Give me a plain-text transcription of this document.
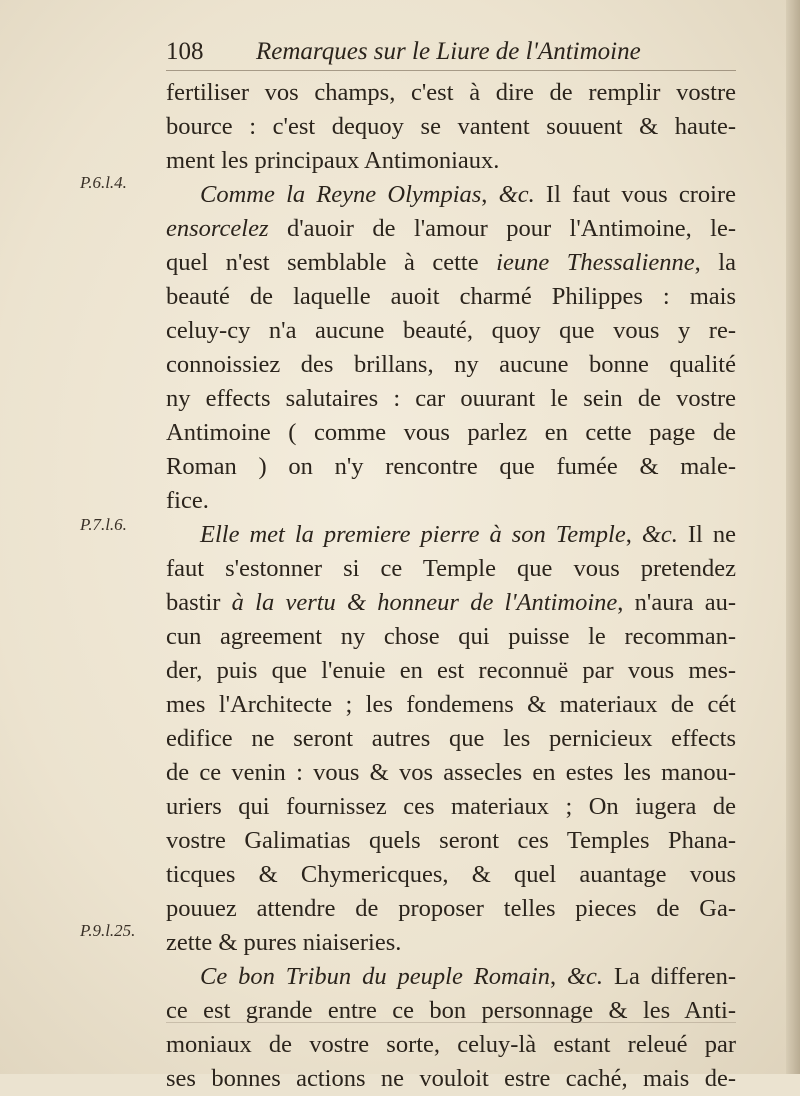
108 Remarques sur le Liure de l'Antimoine
P.6.l.4.
P.7.l.6.
P.9.l.25.
fertiliser vos champs, c'est à dire de remplir vostre
bource : c'est dequoy se vantent souuent & haute-
ment les principaux Antimoniaux.
Comme la Reyne Olympias, &c. Il faut vous croire
ensorcelez d'auoir de l'amour pour l'Antimoine, le-
quel n'est semblable à cette ieune Thessalienne, la
beauté de laquelle auoit charmé Philippes : mais
celuy-cy n'a aucune beauté, quoy que vous y re-
connoissiez des brillans, ny aucune bonne qualité
ny effects salutaires : car ouurant le sein de vostre
Antimoine ( comme vous parlez en cette page de
Roman ) on n'y rencontre que fumée & male-
fice.
Elle met la premiere pierre à son Temple, &c. Il ne
faut s'estonner si ce Temple que vous pretendez
bastir à la vertu & honneur de l'Antimoine, n'aura au-
cun agreement ny chose qui puisse le recomman-
der, puis que l'enuie en est reconnuë par vous mes-
mes l'Architecte ; les fondemens & materiaux de cét
edifice ne seront autres que les pernicieux effects
de ce venin : vous & vos assecles en estes les manou-
uriers qui fournissez ces materiaux ; On iugera de
vostre Galimatias quels seront ces Temples Phana-
ticques & Chymericques, & quel auantage vous
pouuez attendre de proposer telles pieces de Ga-
zette & pures niaiseries.
Ce bon Tribun du peuple Romain, &c. La differen-
ce est grande entre ce bon personnage & les Anti-
moniaux de vostre sorte, celuy-là estant releué par
ses bonnes actions ne vouloit estre caché, mais de-
